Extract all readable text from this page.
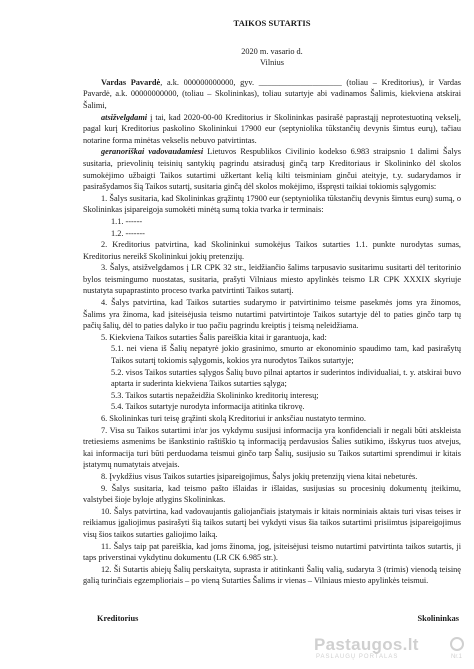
TAIKOS SUTARTIS

2020 m. vasario d.

Vilnius

Vardas Pavardė, a.k. 000000000000, gyv. ____________________ (toliau – Kreditorius), ir Vardas Pavardė, a.k. 00000000000, (toliau – Skolininkas), toliau sutartyje abi vadinamos Šalimis, kiekviena atskirai Šalimi,

atsižvelgdami į tai, kad 2020-00-00 Kreditorius ir Skolininkas pasirašė paprastąjį neprotestuotiną vekselį, pagal kurį Kreditorius paskolino Skolininkui 17900 eur (septyniolika tūkstančių devynis šimtus eurų), tačiau notarine forma minėtas vekselis nebuvo patvirtintas.

geranoriškai vadovaudamiesi Lietuvos Respublikos Civilinio kodekso 6.983 straipsnio 1 dalimi Šalys susitaria, prievolinių teisinių santykių pagrindu atsiradusį ginčą tarp Kreditoriaus ir Skolininko dėl skolos sumokėjimo užbaigti Taikos sutartimi užkertant kelią kilti teisminiam ginčui ateityje, t.y. sudarydamos ir pasirašydamos šią Taikos sutartį, susitaria ginčą dėl skolos mokėjimo, išspręsti taikiai tokiomis sąlygomis:

1. Šalys susitaria, kad Skolininkas grąžintų 17900 eur (septyniolika tūkstančių devynis šimtus eurų) sumą, o Skolininkas įsipareigoja sumokėti minėtą sumą tokia tvarka ir terminais:

1.1. ------

1.2. -------

2. Kreditorius patvirtina, kad Skolininkui sumokėjus Taikos sutarties 1.1. punkte nurodytas sumas, Kreditorius nereikš Skolininkui jokių pretenzijų.

3. Šalys, atsižvelgdamos į LR CPK 32 str., leidžiančio šalims tarpusavio susitarimu susitarti dėl teritorinio bylos teismingumo nuostatas, susitaria, prašyti Vilniaus miesto apylinkės teismo LR CPK XXXIX skyriuje nustatyta supaprastinto proceso tvarka patvirtinti Taikos sutartį.

4. Šalys patvirtina, kad Taikos sutarties sudarymo ir patvirtinimo teisme pasekmės joms yra žinomos, Šalims yra žinoma, kad įsiteisėjusia teismo nutartimi patvirtintoje Taikos sutartyje dėl to paties ginčo tarp tų pačių šalių, dėl to paties dalyko ir tuo pačiu pagrindu kreiptis į teismą neleidžiama.

5. Kiekviena Taikos sutarties Šalis pareiškia kitai ir garantuoja, kad:

5.1. nei viena iš Šalių nepatyrė jokio grasinimo, smurto ar ekonominio spaudimo tam, kad pasirašytų Taikos sutartį tokiomis sąlygomis, kokios yra nurodytos Taikos sutartyje;

5.2. visos Taikos sutarties sąlygos Šalių buvo pilnai aptartos ir suderintos individualiai, t. y. atskirai buvo aptarta ir suderinta kiekviena Taikos sutarties sąlyga;

5.3. Taikos sutartis nepažeidžia Skolininko kreditorių interesų;

5.4. Taikos sutartyje nurodyta informacija atitinka tikrovę.

6. Skolininkas turi teisę grąžinti skolą Kreditoriui ir anksčiau nustatyto termino.

7. Visa su Taikos sutartimi ir/ar jos vykdymu susijusi informacija yra konfidenciali ir negali būti atskleista tretiesiems asmenims be išankstinio raštiškio tą informaciją perdavusios Šalies sutikimo, išskyrus tuos atvejus, kai informacija turi būti perduodama teismui ginčo tarp Šalių, susijusio su Taikos sutartimi sprendimui ir kitais įstatymų numatytais atvejais.

8. Įvykdžius visus Taikos sutarties įsipareigojimus, Šalys jokių pretenzijų viena kitai nebeturės.

9. Šalys susitaria, kad teismo pašto išlaidas ir išlaidas, susijusias su procesinių dokumentų įteikimu, valstybei šioje byloje atlygins Skolininkas.

10. Šalys patvirtina, kad vadovaujantis galiojančiais įstatymais ir kitais norminiais aktais turi visas teises ir reikiamus įgaliojimus pasirašyti šią taikos sutartį bei vykdyti visus šia taikos sutartimi prisiimtus įsipareigojimus visų šios taikos sutarties galiojimo laiką.

11. Šalys taip pat pareiškia, kad joms žinoma, jog, įsiteisėjusi teismo nutartimi patvirtinta taikos sutartis, ji taps priverstinai vykdytinu dokumentu (LR CK 6.985 str.).

12. Ši Sutartis abiejų Šalių perskaityta, suprasta ir atitinkanti Šalių valią, sudaryta 3 (trimis) vienodą teisinę galią turinčiais egzemplioriais – po vieną Sutarties Šalims ir vienas – Vilniaus miesto apylinkės teismui.

Kreditorius	Skolininkas
Pastaugos.lt
PASLAUGŲ PORTALAS	Nr.1
